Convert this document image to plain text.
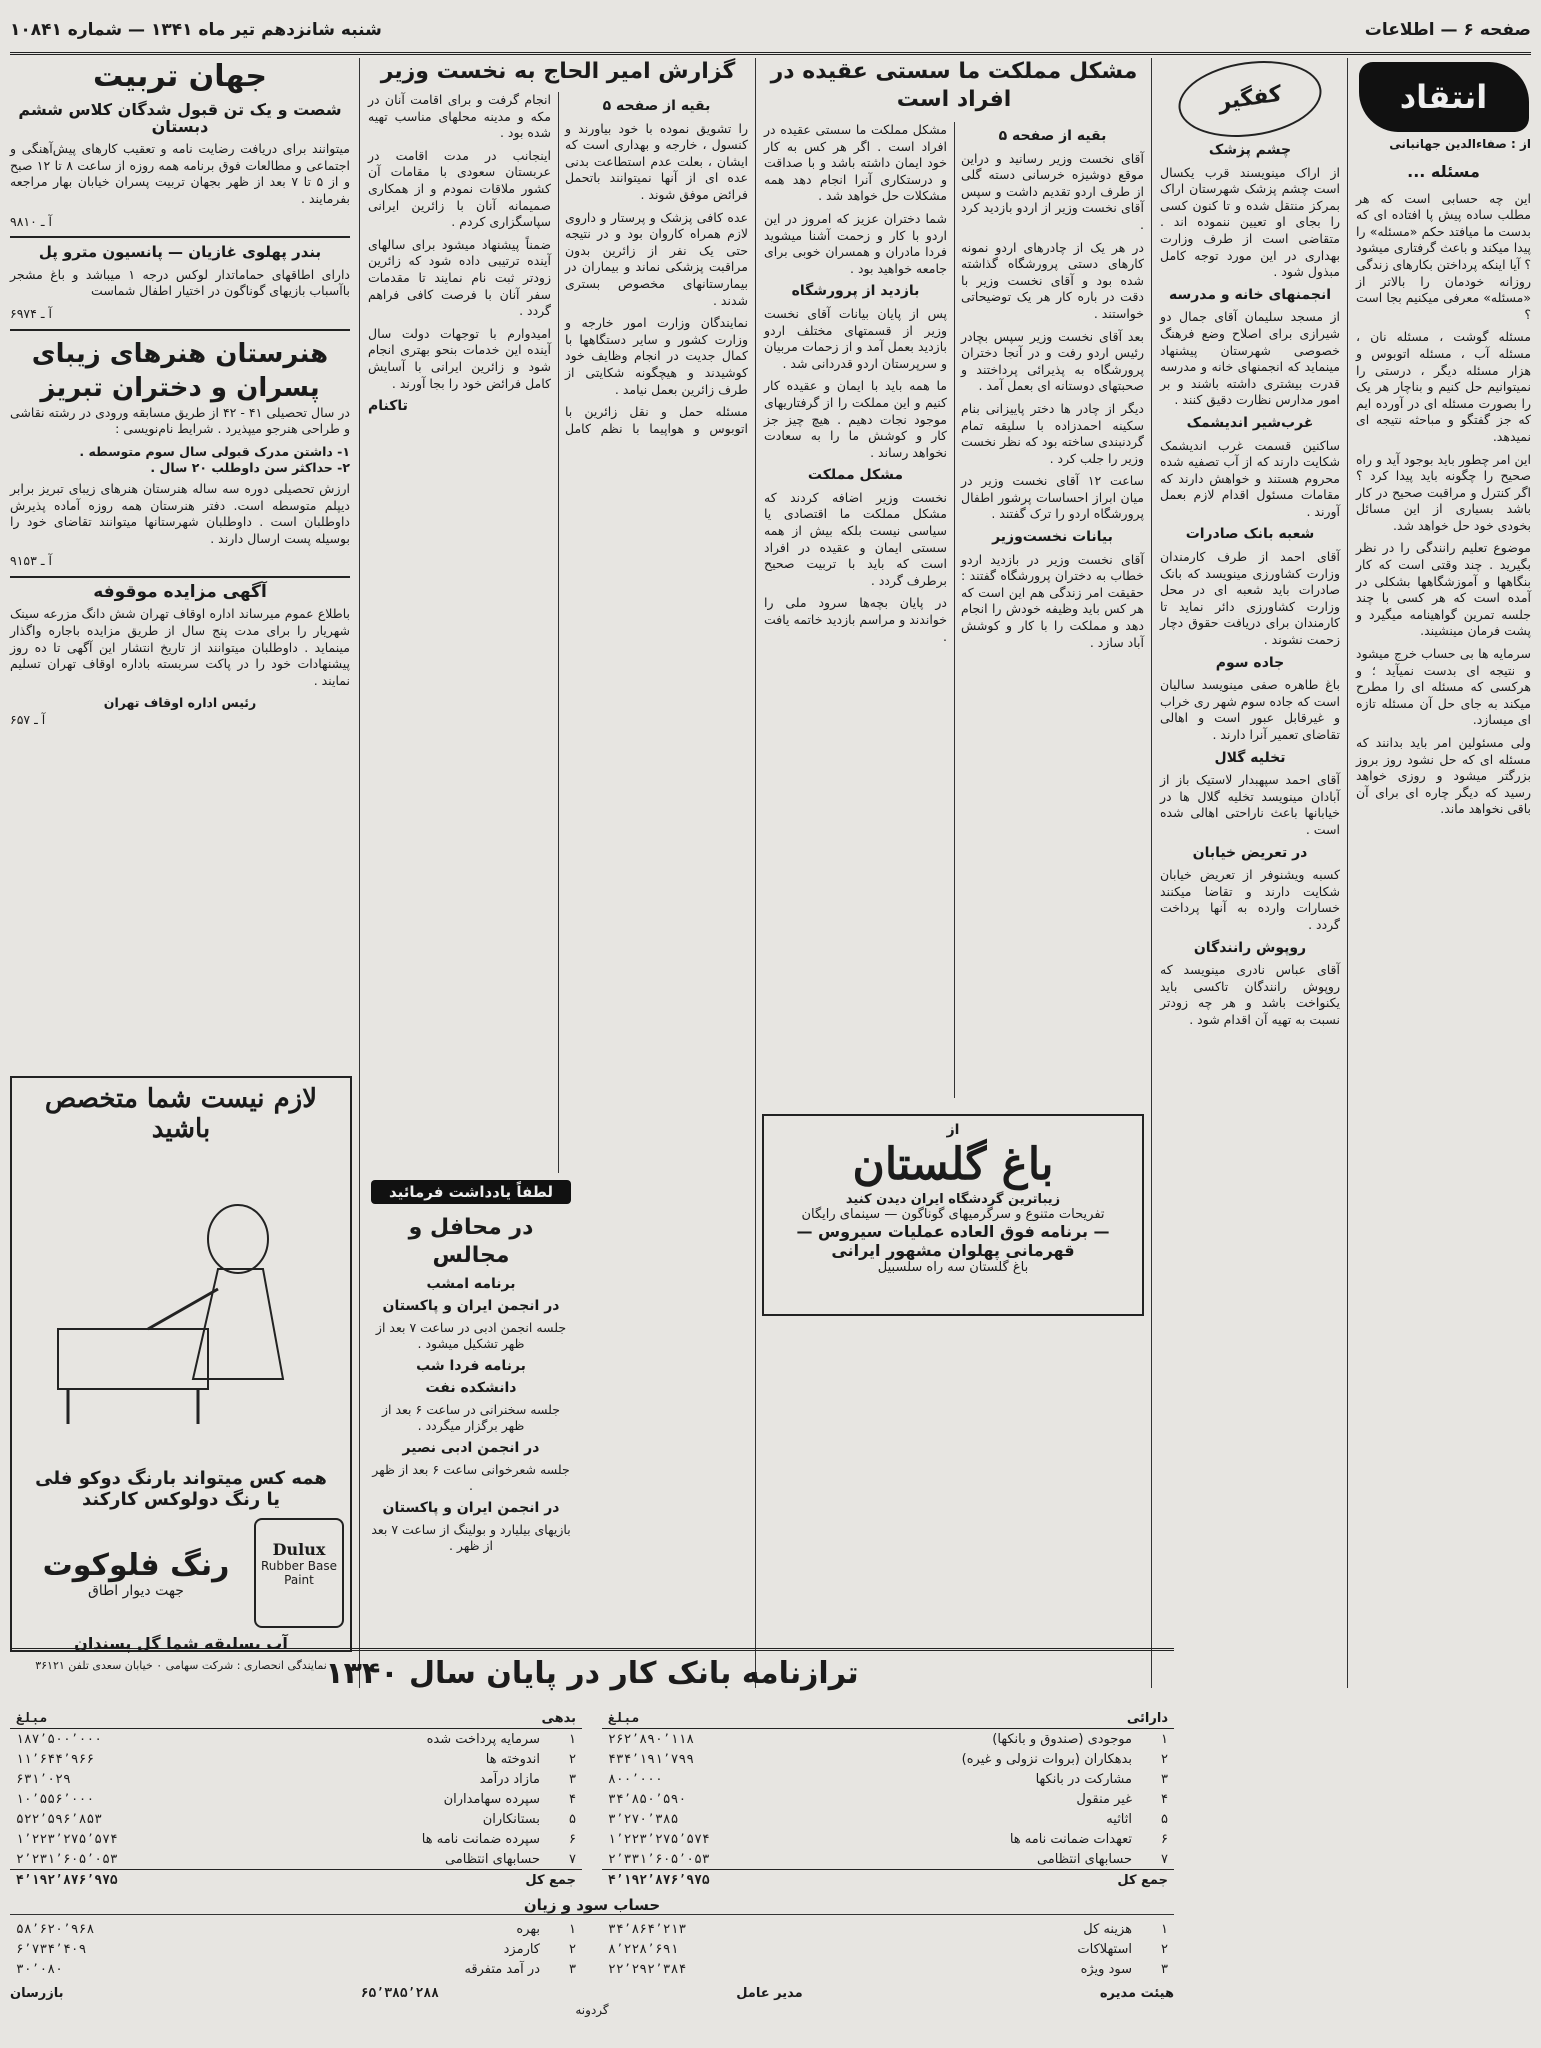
صفحه ۶ — اطلاعات
شنبه شانزدهم تیر ماه ۱۳۴۱ — شماره ۱۰۸۴۱
انتقاد
از : صفاءالدین جهانبانی
مسئله ...

این چه حسابی است که هر مطلب ساده پیش پا افتاده ای که بدست ما میافتد حکم «مسئله» را پیدا میکند و باعث گرفتاری میشود ؟ آیا اینکه پرداختن بکارهای زندگی روزانه خودمان را بالاتر از «مسئله» معرفی میکنیم بجا است ؟

مسئله گوشت ، مسئله نان ، مسئله آب ، مسئله اتوبوس و هزار مسئله دیگر ، درستی را نمیتوانیم حل کنیم و بناچار هر یک را بصورت مسئله ای در آورده ایم که جز گفتگو و مباحثه نتیجه ای نمیدهد.

این امر چطور باید بوجود آید و راه صحیح را چگونه باید پیدا کرد ؟ اگر کنترل و مراقبت صحیح در کار باشد بسیاری از این مسائل بخودی خود حل خواهد شد.

موضوع تعلیم رانندگی را در نظر بگیرید . چند وقتی است که کار بنگاهها و آموزشگاهها بشکلی در آمده است که هر کسی با چند جلسه تمرین گواهینامه میگیرد و پشت فرمان مینشیند.

سرمایه ها بی حساب خرج میشود و نتیجه ای بدست نمیآید ؛ و هرکسی که مسئله ای را مطرح میکند به جای حل آن مسئله تازه ای میسازد.

ولی مسئولین امر باید بدانند که مسئله ای که حل نشود روز بروز بزرگتر میشود و روزی خواهد رسید که دیگر چاره ای برای آن باقی نخواهد ماند.

کفگیر
چشم پزشک

از اراک مینویسند قرب یکسال است چشم پزشک شهرستان اراک بمرکز منتقل شده و تا کنون کسی را بجای او تعیین ننموده اند . متقاضی است از طرف وزارت بهداری در این مورد توجه کامل مبذول شود .

انجمنهای خانه و مدرسه

از مسجد سلیمان آقای جمال دو شیرازی برای اصلاح وضع فرهنگ خصوصی شهرستان پیشنهاد مینماید که انجمنهای خانه و مدرسه قدرت بیشتری داشته باشند و بر امور مدارس نظارت دقیق کنند .

غرب‌شیر اندیشمک

ساکنین قسمت غرب اندیشمک شکایت دارند که از آب تصفیه شده محروم هستند و خواهش دارند که مقامات مسئول اقدام لازم بعمل آورند .

شعبه بانک صادرات

آقای احمد از طرف کارمندان وزارت کشاورزی مینویسد که بانک صادرات باید شعبه ای در محل وزارت کشاورزی دائر نماید تا کارمندان برای دریافت حقوق دچار زحمت نشوند .

جاده سوم

باغ طاهره صفی مینویسد سالیان است که جاده سوم شهر ری خراب و غیرقابل عبور است و اهالی تقاضای تعمیر آنرا دارند .

تخلیه گلال

آقای احمد سپهبدار لاستیک باز از آبادان مینویسد تخلیه گلال ها در خیابانها باعث ناراحتی اهالی شده است .

در تعریض خیابان

کسبه ویشنوفر از تعریض خیابان شکایت دارند و تقاضا میکنند خسارات وارده به آنها پرداخت گردد .

روپوش رانندگان

آقای عباس نادری مینویسد که روپوش رانندگان تاکسی باید یکنواخت باشد و هر چه زودتر نسبت به تهیه آن اقدام شود .

مشکل مملکت ما سستی عقیده در افراد است
بقیه از صفحه ۵

آقای نخست وزیر رسانید و دراین موقع دوشیزه خرسانی دسته گلی از طرف اردو تقدیم داشت و سپس آقای نخست وزیر از اردو بازدید کرد .

در هر یک از چادرهای اردو نمونه کارهای دستی پرورشگاه گذاشته شده بود و آقای نخست وزیر با دقت در باره کار هر یک توضیحاتی خواستند .

بعد آقای نخست وزیر سپس بچادر رئیس اردو رفت و در آنجا دختران پرورشگاه به پذیرائی پرداختند و صحبتهای دوستانه ای بعمل آمد .

دیگر از چادر ها دختر پاییزانی بنام سکینه احمدزاده با سلیقه تمام گردنبندی ساخته بود که نظر نخست وزیر را جلب کرد .

ساعت ۱۲ آقای نخست وزیر در میان ابراز احساسات پرشور اطفال پرورشگاه اردو را ترک گفتند .

بیانات نخست‌وزیر

آقای نخست وزیر در بازدید اردو خطاب به دختران پرورشگاه گفتند : حقیقت امر زندگی هم این است که هر کس باید وظیفه خودش را انجام دهد و مملکت را با کار و کوشش آباد سازد .

مشکل مملکت ما سستی عقیده در افراد است . اگر هر کس به کار خود ایمان داشته باشد و با صداقت و درستکاری آنرا انجام دهد همه مشکلات حل خواهد شد .

شما دختران عزیز که امروز در این اردو با کار و زحمت آشنا میشوید فردا مادران و همسران خوبی برای جامعه خواهید بود .

بازدید از پرورشگاه

پس از پایان بیانات آقای نخست وزیر از قسمتهای مختلف اردو بازدید بعمل آمد و از زحمات مربیان و سرپرستان اردو قدردانی شد .

ما همه باید با ایمان و عقیده کار کنیم و این مملکت را از گرفتاریهای موجود نجات دهیم . هیچ چیز جز کار و کوشش ما را به سعادت نخواهد رساند .

مشکل مملکت

نخست وزیر اضافه کردند که مشکل مملکت ما اقتصادی یا سیاسی نیست بلکه بیش از همه سستی ایمان و عقیده در افراد است که باید با تربیت صحیح برطرف گردد .

در پایان بچه‌ها سرود ملی را خواندند و مراسم بازدید خاتمه یافت .

از
باغ گلستان
زیباترین گردشگاه ایران دیدن کنید
تفریحات متنوع و سرگرمیهای گوناگون — سینمای رایگان
— برنامه فوق العاده عملیات سیروس —
قهرمانی پهلوان مشهور ایرانی
باغ گلستان سه راه سلسبیل
گزارش امیر الحاج به نخست وزیر
بقیه از صفحه ۵

را تشویق نموده با خود بیاورند و کنسول ، خارجه و بهداری است که ایشان ، بعلت عدم استطاعت بدنی عده ای از آنها نمیتوانند باتحمل فرائض موفق شوند .

عده کافی پزشک و پرستار و داروی لازم همراه کاروان بود و در نتیجه حتی یک نفر از زائرین بدون مراقبت پزشکی نماند و بیماران در بیمارستانهای مخصوص بستری شدند .

نمایندگان وزارت امور خارجه و وزارت کشور و سایر دستگاهها با کمال جدیت در انجام وظایف خود کوشیدند و هیچگونه شکایتی از طرف زائرین بعمل نیامد .

مسئله حمل و نقل زائرین با اتوبوس و هواپیما با نظم کامل انجام گرفت و برای اقامت آنان در مکه و مدینه محلهای مناسب تهیه شده بود .

اینجانب در مدت اقامت در عربستان سعودی با مقامات آن کشور ملاقات نمودم و از همکاری صمیمانه آنان با زائرین ایرانی سپاسگزاری کردم .

ضمناً پیشنهاد میشود برای سالهای آینده ترتیبی داده شود که زائرین زودتر ثبت نام نمایند تا مقدمات سفر آنان با فرصت کافی فراهم گردد .

امیدوارم با توجهات دولت سال آینده این خدمات بنحو بهتری انجام شود و زائرین ایرانی با آسایش کامل فرائض خود را بجا آورند .

تاکنام
لطفاً یادداشت فرمائید
در محافل و مجالس
برنامه امشب
در انجمن ایران و پاکستان

جلسه انجمن ادبی در ساعت ۷ بعد از ظهر تشکیل میشود .

برنامه فردا شب
دانشکده نفت

جلسه سخنرانی در ساعت ۶ بعد از ظهر برگزار میگردد .

در انجمن ادبی نصیر

جلسه شعرخوانی ساعت ۶ بعد از ظهر .

در انجمن ایران و پاکستان

بازیهای بیلیارد و بولینگ از ساعت ۷ بعد از ظهر .

جهان تربیت
شصت و یک تن قبول شدگان کلاس ششم دبستان

میتوانند برای دریافت رضایت نامه و تعقیب کارهای پیش‌آهنگی و اجتماعی و مطالعات فوق برنامه همه روزه از ساعت ۸ تا ۱۲ صبح و از ۵ تا ۷ بعد از ظهر بجهان تربیت پسران خیابان بهار مراجعه بفرمایند .

آ ـ ۹۸۱۰
بندر پهلوی غازیان — پانسیون مترو پل

دارای اطاقهای حماماتدار لوکس درجه ۱ میباشد و باغ مشجر باآسباب بازیهای گوناگون در اختیار اطفال شماست

آ ـ ۶۹۷۴
هنرستان هنرهای زیبای پسران و دختران تبریز

در سال تحصیلی ۴۱ - ۴۲ از طریق مسابقه ورودی در رشته نقاشی و طراحی هنرجو میپذیرد . شرایط نام‌نویسی :

۱- داشتن مدرک قبولی سال سوم متوسطه .
۲- حداکثر سن داوطلب ۲۰ سال .

ارزش تحصیلی دوره سه ساله هنرستان هنرهای زیبای تبریز برابر دیپلم متوسطه است. دفتر هنرستان همه روزه آماده پذیرش داوطلبان است . داوطلبان شهرستانها میتوانند تقاضای خود را بوسیله پست ارسال دارند .

آ ـ ۹۱۵۳
آگهی مزایده موقوفه

باطلاع عموم میرساند اداره اوقاف تهران شش دانگ مزرعه سینک شهریار را برای مدت پنج سال از طریق مزایده باجاره واگذار مینماید . داوطلبان میتوانند از تاریخ انتشار این آگهی تا ده روز پیشنهادات خود را در پاکت سربسته باداره اوقاف تهران تسلیم نمایند .

رئیس اداره اوقاف تهران
آ ـ ۶۵۷
لازم نیست شما متخصص باشید
همه کس میتواند بارنگ دوکو فلی
یا رنگ دولوکس کارکند
Dulux
Rubber Base Paint
رنگ فلوکوت
جهت دیوار اطاق
آب‌ بسلیقه شما گل پسندان
نمایندگی انحصاری : شرکت سهامی ۰ خیابان سعدی تلفن ۳۶۱۲۱
ترازنامه بانک کار در پایان سال ۱۳۴۰
دارائی
مبلغ
۱
موجودی (صندوق و بانکها)
۲۶۲٬۸۹۰٬۱۱۸
۲
بدهکاران (بروات نزولی و غیره)
۴۳۴٬۱۹۱٬۷۹۹
۳
مشارکت در بانکها
۸۰۰٬۰۰۰
۴
غیر منقول
۳۴٬۸۵۰٬۵۹۰
۵
اثاثیه
۳٬۲۷۰٬۳۸۵
۶
تعهدات ضمانت نامه ها
۱٬۲۲۳٬۲۷۵٬۵۷۴
۷
حسابهای انتظامی
۲٬۳۳۱٬۶۰۵٬۰۵۳
جمع کل
۴٬۱۹۲٬۸۷۶٬۹۷۵
بدهی
مبلغ
۱
سرمایه پرداخت شده
۱۸۷٬۵۰۰٬۰۰۰
۲
اندوخته ها
۱۱٬۶۴۴٬۹۶۶
۳
ما‌زاد درآمد
۶۳۱٬۰۲۹
۴
سپرده سهامداران
۱۰٬۵۵۶٬۰۰۰
۵
بستانکاران
۵۲۲٬۵۹۶٬۸۵۳
۶
سپرده ضمانت نامه ها
۱٬۲۲۳٬۲۷۵٬۵۷۴
۷
حسابهای انتظامی
۲٬۲۳۱٬۶۰۵٬۰۵۳
جمع کل
۴٬۱۹۲٬۸۷۶٬۹۷۵
حساب سود و زیان
۱
هزینه کل
۳۴٬۸۶۴٬۲۱۳
۲
استهلاکات
۸٬۲۲۸٬۶۹۱
۳
سود ویژه
۲۲٬۲۹۲٬۳۸۴
۱
بهره
۵۸٬۶۲۰٬۹۶۸
۲
کارمزد
۶٬۷۳۴٬۴۰۹
۳
در آمد متفرقه
۳۰٬۰۸۰
هیئت مدیره
مدیر عامل
۶۵٬۳۸۵٬۲۸۸
بازرسان
گردونه
